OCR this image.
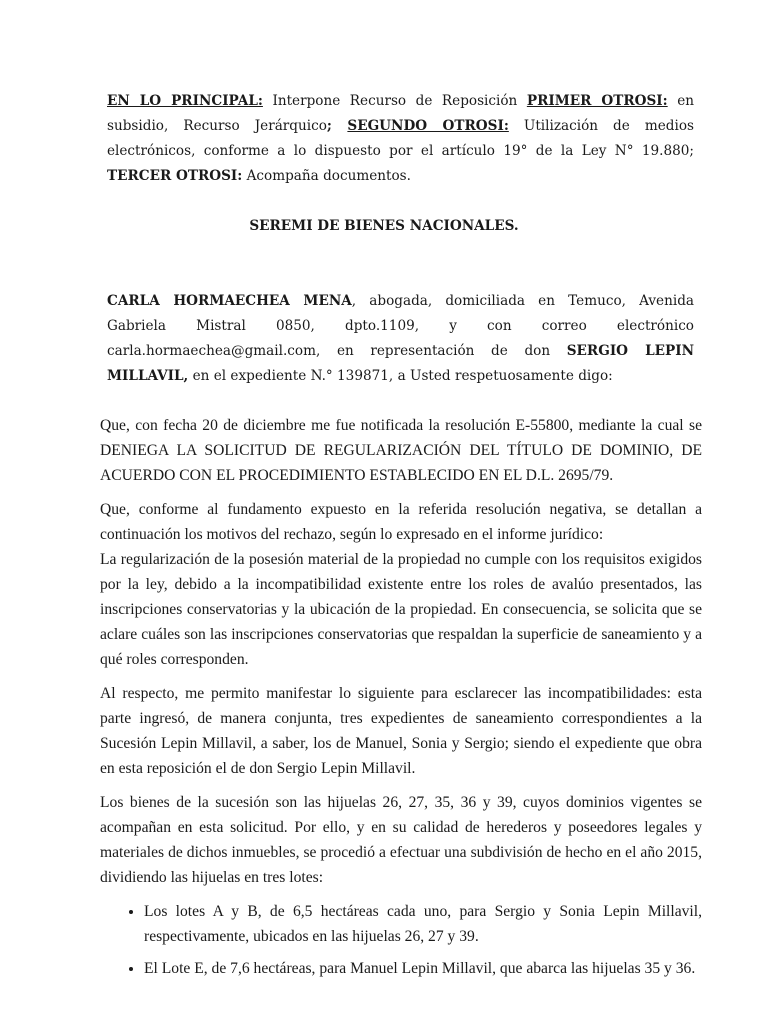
EN LO PRINCIPAL: Interpone Recurso de Reposición PRIMER OTROSI: en subsidio, Recurso Jerárquico; SEGUNDO OTROSI: Utilización de medios electrónicos, conforme a lo dispuesto por el artículo 19° de la Ley N° 19.880; TERCER OTROSI: Acompaña documentos.
SEREMI DE BIENES NACIONALES.
CARLA HORMAECHEA MENA, abogada, domiciliada en Temuco, Avenida Gabriela Mistral 0850, dpto.1109, y con correo electrónico carla.hormaechea@gmail.com, en representación de don SERGIO LEPIN MILLAVIL, en el expediente N.° 139871, a Usted respetuosamente digo:

Que, con fecha 20 de diciembre me fue notificada la resolución E-55800, mediante la cual se DENIEGA LA SOLICITUD DE REGULARIZACIÓN DEL TÍTULO DE DOMINIO, DE ACUERDO CON EL PROCEDIMIENTO ESTABLECIDO EN EL D.L. 2695/79.

Que, conforme al fundamento expuesto en la referida resolución negativa, se detallan a continuación los motivos del rechazo, según lo expresado en el informe jurídico:

La regularización de la posesión material de la propiedad no cumple con los requisitos exigidos por la ley, debido a la incompatibilidad existente entre los roles de avalúo presentados, las inscripciones conservatorias y la ubicación de la propiedad. En consecuencia, se solicita que se aclare cuáles son las inscripciones conservatorias que respaldan la superficie de saneamiento y a qué roles corresponden.

Al respecto, me permito manifestar lo siguiente para esclarecer las incompatibilidades: esta parte ingresó, de manera conjunta, tres expedientes de saneamiento correspondientes a la Sucesión Lepin Millavil, a saber, los de Manuel, Sonia y Sergio; siendo el expediente que obra en esta reposición el de don Sergio Lepin Millavil.

Los bienes de la sucesión son las hijuelas 26, 27, 35, 36 y 39, cuyos dominios vigentes se acompañan en esta solicitud. Por ello, y en su calidad de herederos y poseedores legales y materiales de dichos inmuebles, se procedió a efectuar una subdivisión de hecho en el año 2015, dividiendo las hijuelas en tres lotes:

• Los lotes A y B, de 6,5 hectáreas cada uno, para Sergio y Sonia Lepin Millavil, respectivamente, ubicados en las hijuelas 26, 27 y 39.
• El Lote E, de 7,6 hectáreas, para Manuel Lepin Millavil, que abarca las hijuelas 35 y 36.
